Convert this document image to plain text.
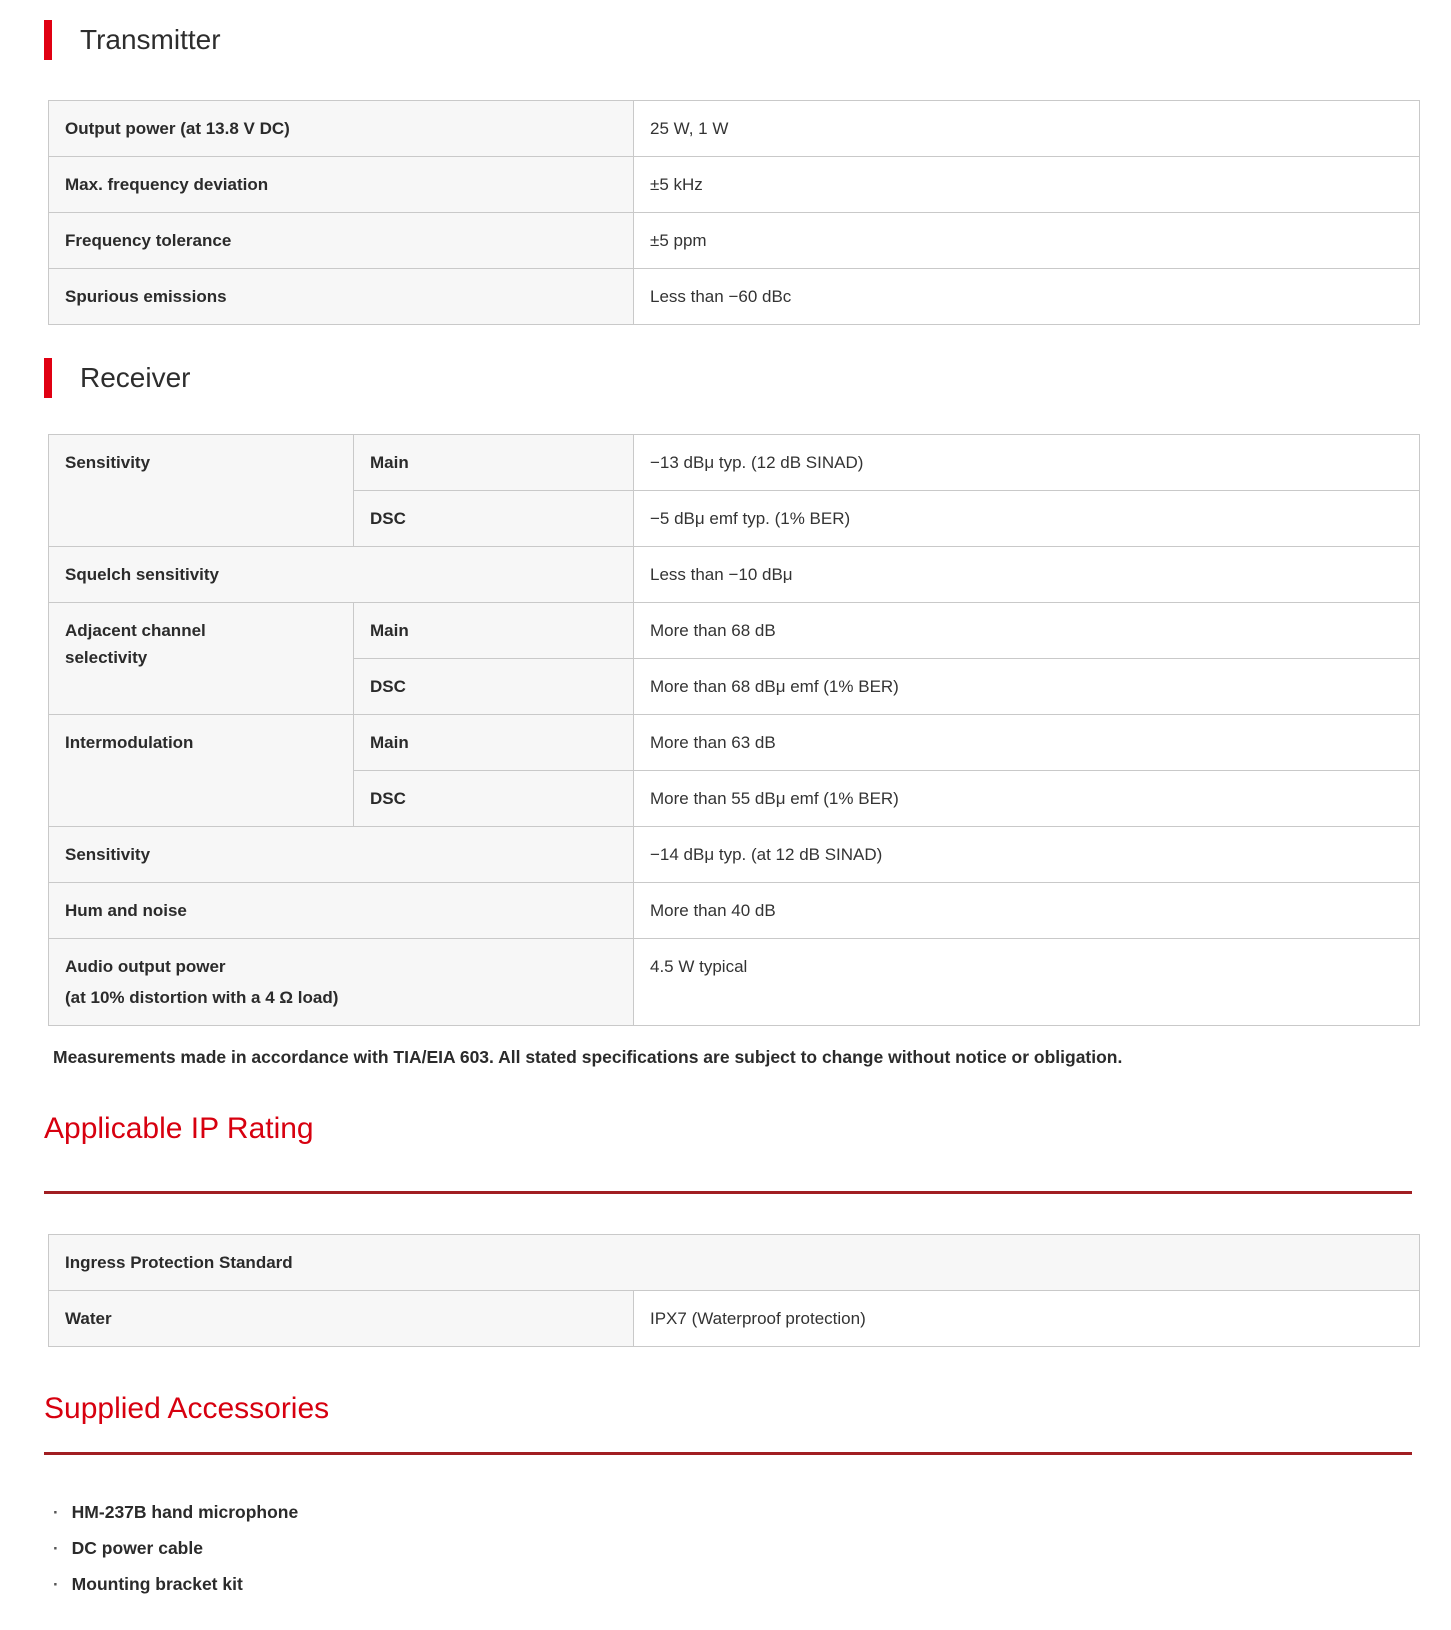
Transmitter
Output power (at 13.8 V DC)	25 W, 1 W
Max. frequency deviation	±5 kHz
Frequency tolerance	±5 ppm
Spurious emissions	Less than −60 dBc
Receiver
Sensitivity	Main	−13 dBμ typ. (12 dB SINAD)
	DSC	−5 dBμ emf typ. (1% BER)
Squelch sensitivity		Less than −10 dBμ
Adjacent channel selectivity	Main	More than 68 dB
	DSC	More than 68 dBμ emf (1% BER)
Intermodulation	Main	More than 63 dB
	DSC	More than 55 dBμ emf (1% BER)
Sensitivity		−14 dBμ typ. (at 12 dB SINAD)
Hum and noise		More than 40 dB
Audio output power
(at 10% distortion with a 4 Ω load)		4.5 W typical

Measurements made in accordance with TIA/EIA 603. All stated specifications are subject to change without notice or obligation.

Applicable IP Rating
Ingress Protection Standard
Water	IPX7 (Waterproof protection)
Supplied Accessories
·
HM-237B hand microphone
·
DC power cable
·
Mounting bracket kit
